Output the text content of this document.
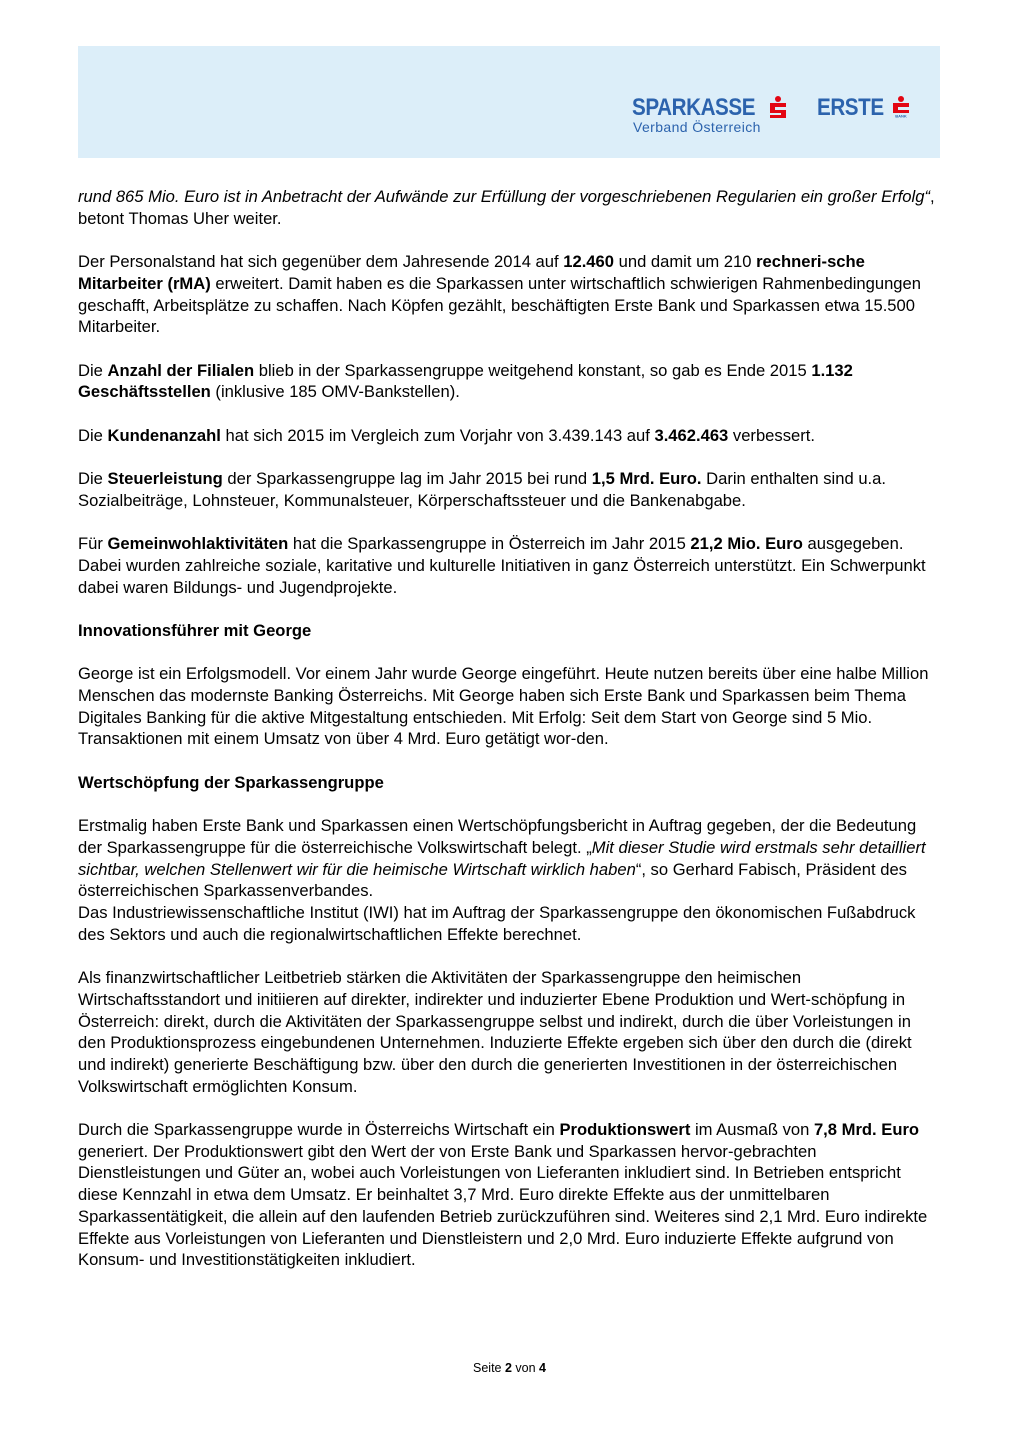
SPARKASSE
Verband Österreich
ERSTE	BANK

rund 865 Mio. Euro ist in Anbetracht der Aufwände zur Erfüllung der vorgeschriebenen Regularien ein großer Erfolg“, betont Thomas Uher weiter.

Der Personalstand hat sich gegenüber dem Jahresende 2014 auf 12.460 und damit um 210 rechneri-sche Mitarbeiter (rMA) erweitert. Damit haben es die Sparkassen unter wirtschaftlich schwierigen Rahmenbedingungen geschafft, Arbeitsplätze zu schaffen. Nach Köpfen gezählt, beschäftigten Erste Bank und Sparkassen etwa 15.500 Mitarbeiter.

Die Anzahl der Filialen blieb in der Sparkassengruppe weitgehend konstant, so gab es Ende 2015 1.132 Geschäftsstellen (inklusive 185 OMV-Bankstellen).

Die Kundenanzahl hat sich 2015 im Vergleich zum Vorjahr von 3.439.143 auf 3.462.463 verbessert.

Die Steuerleistung der Sparkassengruppe lag im Jahr 2015 bei rund 1,5 Mrd. Euro. Darin enthalten sind u.a. Sozialbeiträge, Lohnsteuer, Kommunalsteuer, Körperschaftssteuer und die Bankenabgabe.

Für Gemeinwohlaktivitäten hat die Sparkassengruppe in Österreich im Jahr 2015 21,2 Mio. Euro ausgegeben. Dabei wurden zahlreiche soziale, karitative und kulturelle Initiativen in ganz Österreich unterstützt. Ein Schwerpunkt dabei waren Bildungs- und Jugendprojekte.

Innovationsführer mit George

George ist ein Erfolgsmodell. Vor einem Jahr wurde George eingeführt. Heute nutzen bereits über eine halbe Million Menschen das modernste Banking Österreichs. Mit George haben sich Erste Bank und Sparkassen beim Thema Digitales Banking für die aktive Mitgestaltung entschieden. Mit Erfolg: Seit dem Start von George sind 5 Mio. Transaktionen mit einem Umsatz von über 4 Mrd. Euro getätigt wor-den.

Wertschöpfung der Sparkassengruppe

Erstmalig haben Erste Bank und Sparkassen einen Wertschöpfungsbericht in Auftrag gegeben, der die Bedeutung der Sparkassengruppe für die österreichische Volkswirtschaft belegt. „Mit dieser Studie wird erstmals sehr detailliert sichtbar, welchen Stellenwert wir für die heimische Wirtschaft wirklich haben“, so Gerhard Fabisch, Präsident des österreichischen Sparkassenverbandes.
Das Industriewissenschaftliche Institut (IWI) hat im Auftrag der Sparkassengruppe den ökonomischen Fußabdruck des Sektors und auch die regionalwirtschaftlichen Effekte berechnet.

Als finanzwirtschaftlicher Leitbetrieb stärken die Aktivitäten der Sparkassengruppe den heimischen Wirtschaftsstandort und initiieren auf direkter, indirekter und induzierter Ebene Produktion und Wert-schöpfung in Österreich: direkt, durch die Aktivitäten der Sparkassengruppe selbst und indirekt, durch die über Vorleistungen in den Produktionsprozess eingebundenen Unternehmen. Induzierte Effekte ergeben sich über den durch die (direkt und indirekt) generierte Beschäftigung bzw. über den durch die generierten Investitionen in der österreichischen Volkswirtschaft ermöglichten Konsum.

Durch die Sparkassengruppe wurde in Österreichs Wirtschaft ein Produktionswert im Ausmaß von 7,8 Mrd. Euro generiert. Der Produktionswert gibt den Wert der von Erste Bank und Sparkassen hervor-gebrachten Dienstleistungen und Güter an, wobei auch Vorleistungen von Lieferanten inkludiert sind. In Betrieben entspricht diese Kennzahl in etwa dem Umsatz. Er beinhaltet 3,7 Mrd. Euro direkte Effekte aus der unmittelbaren Sparkassentätigkeit, die allein auf den laufenden Betrieb zurückzuführen sind. Weiteres sind 2,1 Mrd. Euro indirekte Effekte aus Vorleistungen von Lieferanten und Dienstleistern und 2,0 Mrd. Euro induzierte Effekte aufgrund von Konsum- und Investitionstätigkeiten inkludiert.

Seite 2 von 4
